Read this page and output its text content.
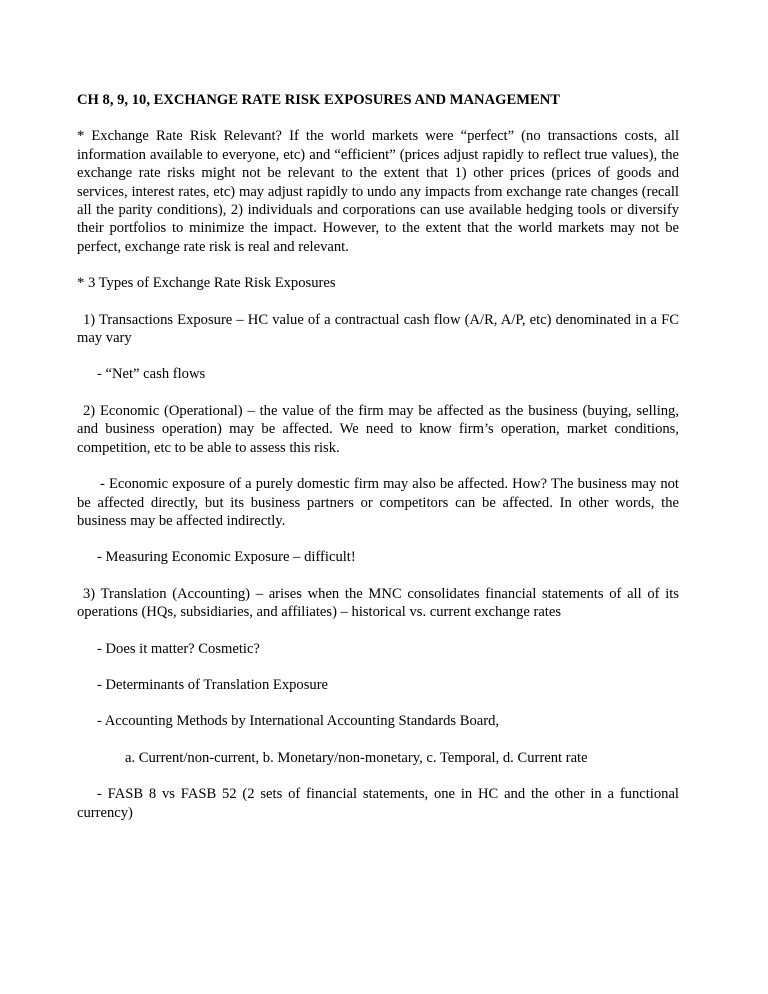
CH 8, 9, 10, EXCHANGE RATE RISK EXPOSURES AND MANAGEMENT
* Exchange Rate Risk Relevant? If the world markets were “perfect” (no transactions costs, all information available to everyone, etc) and “efficient” (prices adjust rapidly to reflect true values), the exchange rate risks might not be relevant to the extent that 1) other prices (prices of goods and services, interest rates, etc) may adjust rapidly to undo any impacts from exchange rate changes (recall all the parity conditions), 2) individuals and corporations can use available hedging tools or diversify their portfolios to minimize the impact. However, to the extent that the world markets may not be perfect, exchange rate risk is real and relevant.
* 3 Types of Exchange Rate Risk Exposures
1) Transactions Exposure – HC value of a contractual cash flow (A/R, A/P, etc) denominated in a FC may vary
- “Net” cash flows
2) Economic (Operational) – the value of the firm may be affected as the business (buying, selling, and business operation) may be affected. We need to know firm’s operation, market conditions, competition, etc to be able to assess this risk.
- Economic exposure of a purely domestic firm may also be affected. How? The business may not be affected directly, but its business partners or competitors can be affected. In other words, the business may be affected indirectly.
- Measuring Economic Exposure – difficult!
3) Translation (Accounting) – arises when the MNC consolidates financial statements of all of its operations (HQs, subsidiaries, and affiliates) – historical vs. current exchange rates
- Does it matter? Cosmetic?
- Determinants of Translation Exposure
- Accounting Methods by International Accounting Standards Board,
a. Current/non-current, b. Monetary/non-monetary, c. Temporal, d. Current rate
- FASB 8 vs FASB 52 (2 sets of financial statements, one in HC and the other in a functional currency)
